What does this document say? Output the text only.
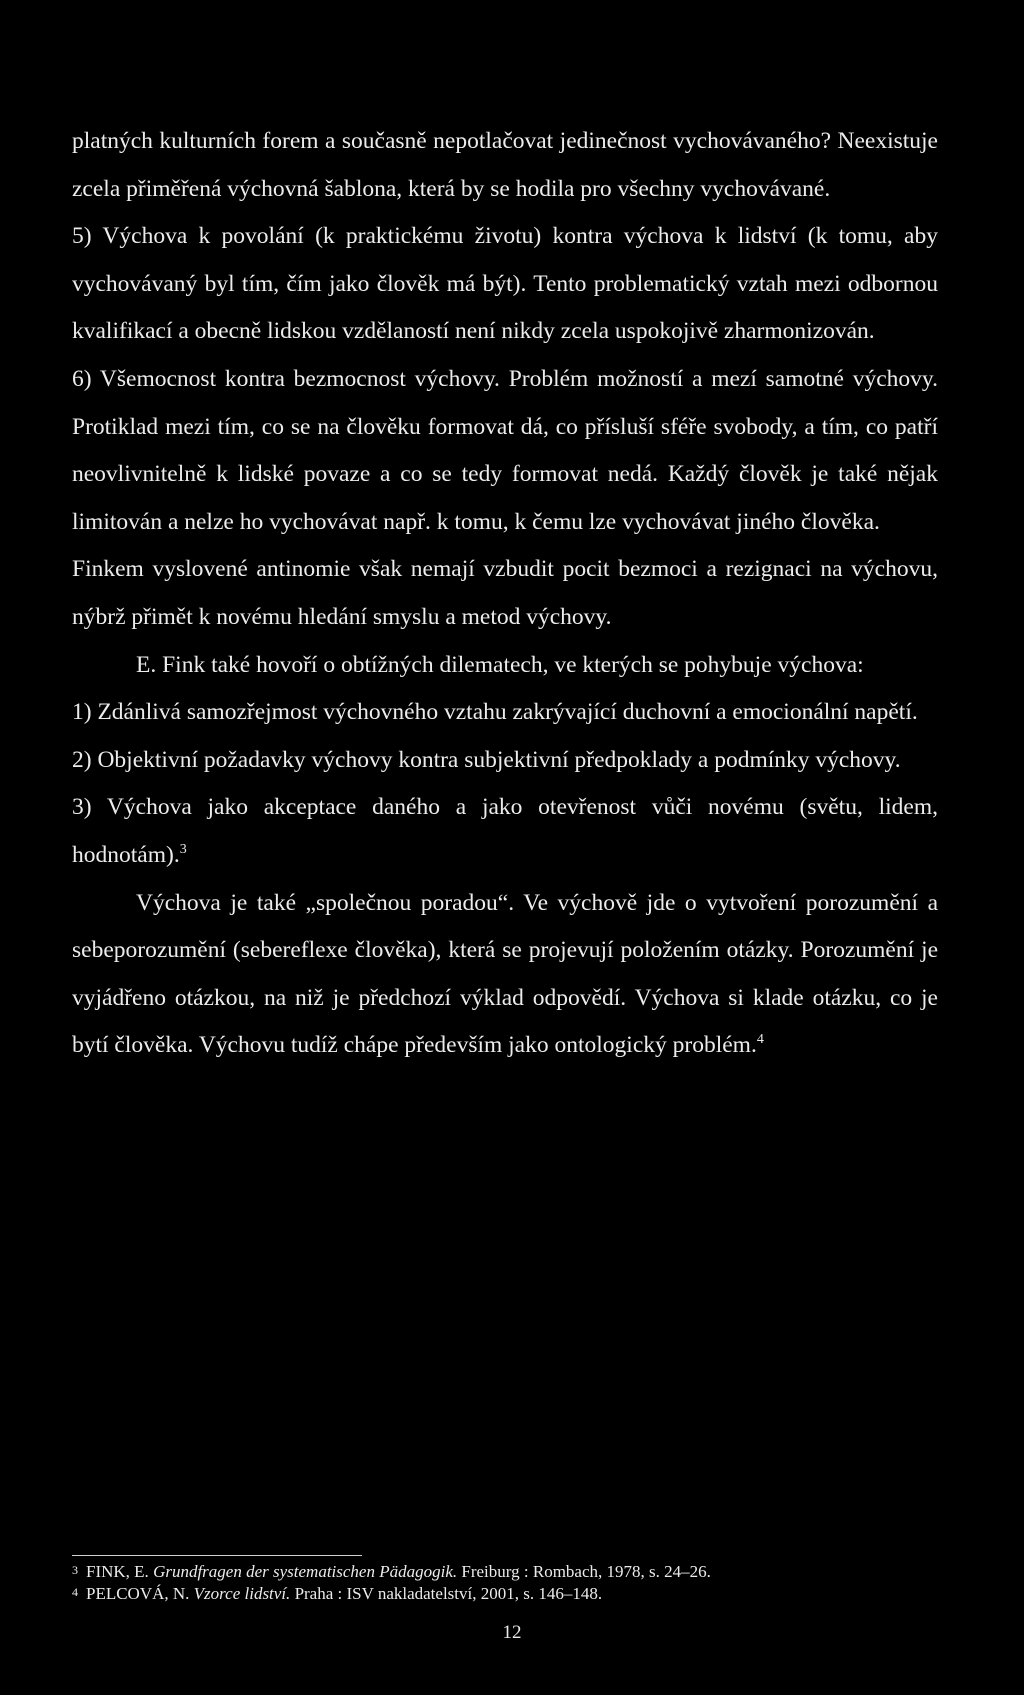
platných kulturních forem a současně nepotlačovat jedinečnost vychovávaného? Neexistuje zcela přiměřená výchovná šablona, která by se hodila pro všechny vychovávané.

5) Výchova k povolání (k praktickému životu) kontra výchova k lidství (k tomu, aby vychovávaný byl tím, čím jako člověk má být). Tento problematický vztah mezi odbornou kvalifikací a obecně lidskou vzdělaností není nikdy zcela uspokojivě zharmonizován.

6) Všemocnost kontra bezmocnost výchovy. Problém možností a mezí samotné výchovy. Protiklad mezi tím, co se na člověku formovat dá, co přísluší sféře svobody, a tím, co patří neovlivnitelně k lidské povaze a co se tedy formovat nedá. Každý člověk je také nějak limitován a nelze ho vychovávat např. k tomu, k čemu lze vychovávat jiného člověka.

Finkem vyslovené antinomie však nemají vzbudit pocit bezmoci a rezignaci na výchovu, nýbrž přimět k novému hledání smyslu a metod výchovy.

E. Fink také hovoří o obtížných dilematech, ve kterých se pohybuje výchova:

1) Zdánlivá samozřejmost výchovného vztahu zakrývající duchovní a emocionální napětí.

2) Objektivní požadavky výchovy kontra subjektivní předpoklady a podmínky výchovy.

3) Výchova jako akceptace daného a jako otevřenost vůči novému (světu, lidem, hodnotám).$^3$

Výchova je také „společnou poradou“. Ve výchově jde o vytvoření porozumění a sebeporozumění (sebereflexe člověka), která se projevují položením otázky. Porozumění je vyjádřeno otázkou, na niž je předchozí výklad odpovědí. Výchova si klade otázku, co je bytí člověka. Výchovu tudíž chápe především jako ontologický problém.$^4$

3 FINK, E. Grundfragen der systematischen Pädagogik. Freiburg : Rombach, 1978, s. 24–26.
4 PELCOVÁ, N. Vzorce lidství. Praha : ISV nakladatelství, 2001, s. 146–148.
12
